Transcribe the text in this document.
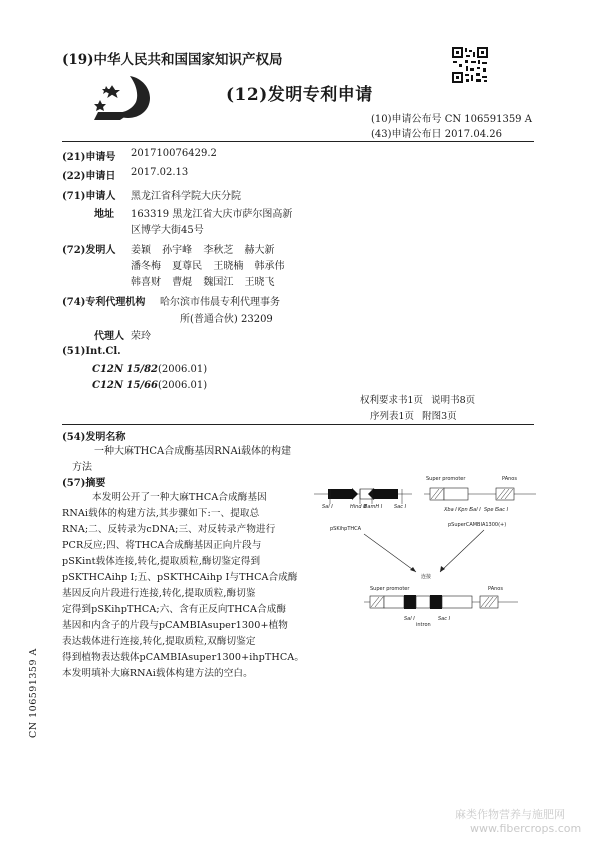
(19)中华人民共和国国家知识产权局
(12)发明专利申请
(10)申请公布号 CN 106591359 A
(43)申请公布日 2017.04.26
(21)申请号 201710076429.2
(22)申请日 2017.02.13
(71)申请人 黑龙江省科学院大庆分院
地址 163319 黑龙江省大庆市萨尔图高新
区博学大街45号
(72)发明人 姜颖 孙宇峰 李秋芝 赫大新
潘冬梅 夏尊民 王晓楠 韩承伟
韩喜财 曹焜 魏国江 王晓飞
(74)专利代理机构 哈尔滨市伟晨专利代理事务
所(普通合伙) 23209
代理人 荣玲
(51)Int.Cl.
C12N 15/82(2006.01)
C12N 15/66(2006.01)
权利要求书1页 说明书8页
序列表1页 附图3页
(54)发明名称
一种大麻THCA合成酶基因RNAi载体的构建
方法
(57)摘要
本发明公开了一种大麻THCA合成酶基因
RNAi载体的构建方法,其步骤如下:一、提取总
RNA;二、反转录为cDNA;三、对反转录产物进行
PCR反应;四、将THCA合成酶基因正向片段与
pSKint载体连接,转化,提取质粒,酶切鉴定得到
pSKTHCAihp Ⅰ;五、pSKTHCAihp Ⅰ与THCA合成酶
基因反向片段进行连接,转化,提取质粒,酶切鉴
定得到pSKihpTHCA;六、含有正反向THCA合成酶
基因和内含子的片段与pCAMBIAsuper1300+植物
表达载体进行连接,转化,提取质粒,双酶切鉴定
得到植物表达载体pCAMBIAsuper1300+ihpTHCA。
本发明填补大麻RNAi载体构建方法的空白。
Sal Ⅰ	Hind Ⅲ
BamH Ⅰ Sac Ⅰ
pSKihpTHCA
Super promoter	PAnos
Xba Ⅰ Kpn Ⅰ Sal Ⅰ Spe Ⅰ Sac Ⅰ
pSuperCAMBIA1300(+)
连接
Super promoter	PAnos
Sal Ⅰ	Sac Ⅰ
intron
CN 106591359 A
麻类作物营养与施肥网
www.fibercrops.com
